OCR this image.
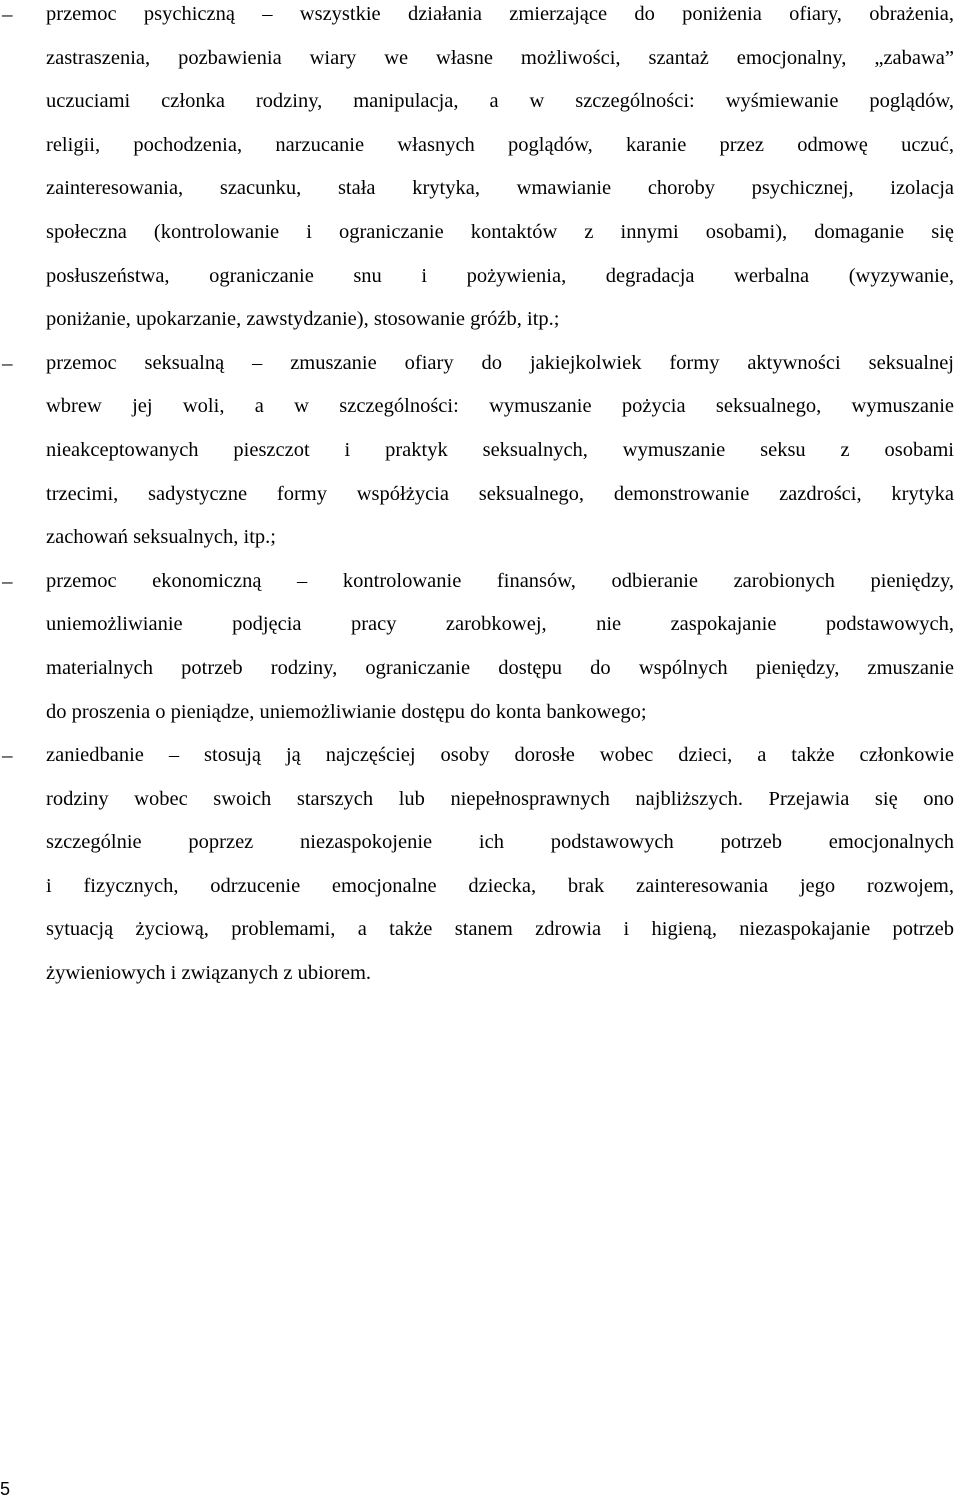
– przemoc psychiczną – wszystkie działania zmierzające do poniżenia ofiary, obrażenia,
zastraszenia, pozbawienia wiary we własne możliwości, szantaż emocjonalny, „zabawa”
uczuciami członka rodziny, manipulacja, a w szczególności: wyśmiewanie poglądów,
religii, pochodzenia, narzucanie własnych poglądów, karanie przez odmowę uczuć,
zainteresowania, szacunku, stała krytyka, wmawianie choroby psychicznej, izolacja
społeczna (kontrolowanie i ograniczanie kontaktów z innymi osobami), domaganie się
posłuszeństwa, ograniczanie snu i pożywienia, degradacja werbalna (wyzywanie,
poniżanie, upokarzanie, zawstydzanie), stosowanie gróźb, itp.;
– przemoc seksualną – zmuszanie ofiary do jakiejkolwiek formy aktywności seksualnej
wbrew jej woli, a w szczególności: wymuszanie pożycia seksualnego, wymuszanie
nieakceptowanych pieszczot i praktyk seksualnych, wymuszanie seksu z osobami
trzecimi, sadystyczne formy współżycia seksualnego, demonstrowanie zazdrości, krytyka
zachowań seksualnych, itp.;
– przemoc ekonomiczną – kontrolowanie finansów, odbieranie zarobionych pieniędzy,
uniemożliwianie podjęcia pracy zarobkowej, nie zaspokajanie podstawowych,
materialnych potrzeb rodziny, ograniczanie dostępu do wspólnych pieniędzy, zmuszanie
do proszenia o pieniądze, uniemożliwianie dostępu do konta bankowego;
– zaniedbanie – stosują ją najczęściej osoby dorosłe wobec dzieci, a także członkowie
rodziny wobec swoich starszych lub niepełnosprawnych najbliższych. Przejawia się ono
szczególnie poprzez niezaspokojenie ich podstawowych potrzeb emocjonalnych
i fizycznych, odrzucenie emocjonalne dziecka, brak zainteresowania jego rozwojem,
sytuacją życiową, problemami, a także stanem zdrowia i higieną, niezaspokajanie potrzeb
żywieniowych i związanych z ubiorem.
5
